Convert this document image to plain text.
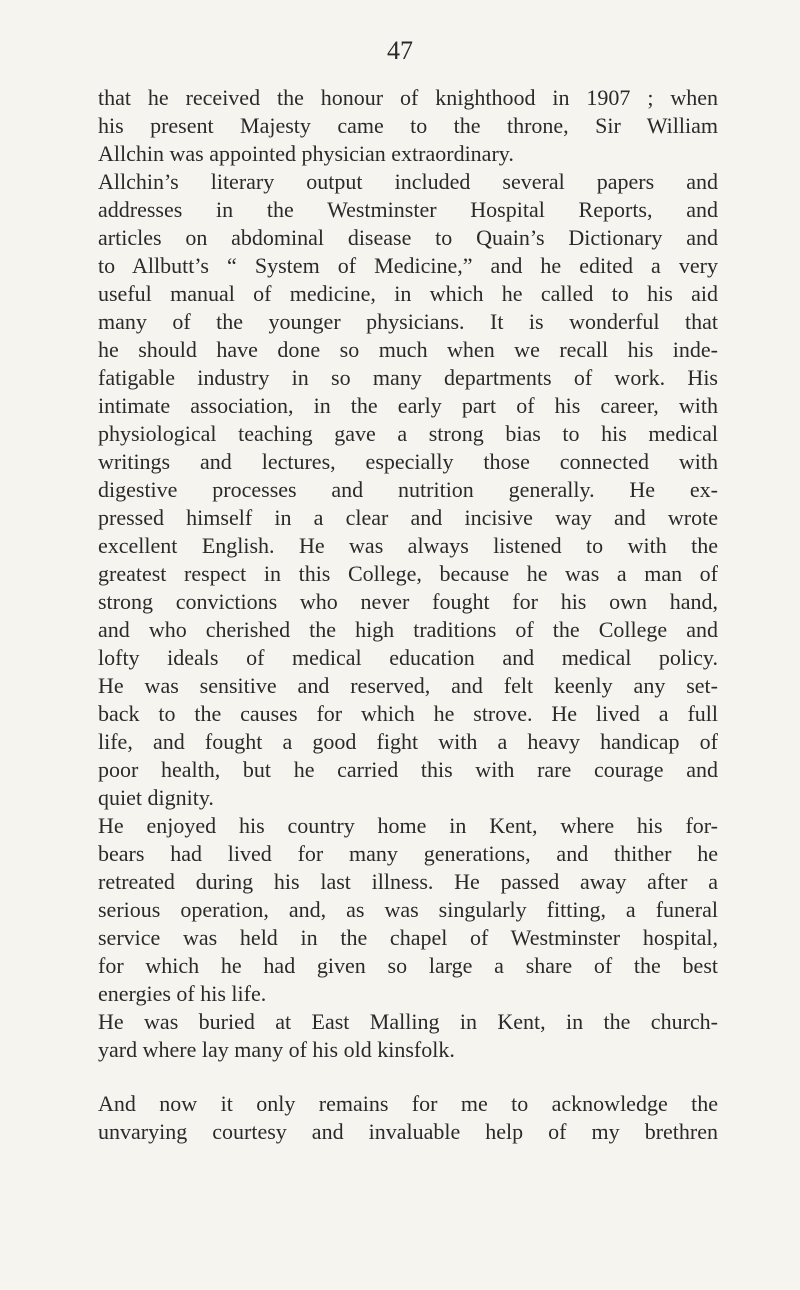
47
that he received the honour of knighthood in 1907 ; when
his present Majesty came to the throne, Sir William
Allchin was appointed physician extraordinary.
Allchin’s literary output included several papers and
addresses in the Westminster Hospital Reports, and
articles on abdominal disease to Quain’s Dictionary and
to Allbutt’s “ System of Medicine,” and he edited a very
useful manual of medicine, in which he called to his aid
many of the younger physicians. It is wonderful that
he should have done so much when we recall his inde-
fatigable industry in so many departments of work. His
intimate association, in the early part of his career, with
physiological teaching gave a strong bias to his medical
writings and lectures, especially those connected with
digestive processes and nutrition generally. He ex-
pressed himself in a clear and incisive way and wrote
excellent English. He was always listened to with the
greatest respect in this College, because he was a man of
strong convictions who never fought for his own hand,
and who cherished the high traditions of the College and
lofty ideals of medical education and medical policy.
He was sensitive and reserved, and felt keenly any set-
back to the causes for which he strove. He lived a full
life, and fought a good fight with a heavy handicap of
poor health, but he carried this with rare courage and
quiet dignity.
He enjoyed his country home in Kent, where his for-
bears had lived for many generations, and thither he
retreated during his last illness. He passed away after a
serious operation, and, as was singularly fitting, a funeral
service was held in the chapel of Westminster hospital,
for which he had given so large a share of the best
energies of his life.
He was buried at East Malling in Kent, in the church-
yard where lay many of his old kinsfolk.
And now it only remains for me to acknowledge the
unvarying courtesy and invaluable help of my brethren
